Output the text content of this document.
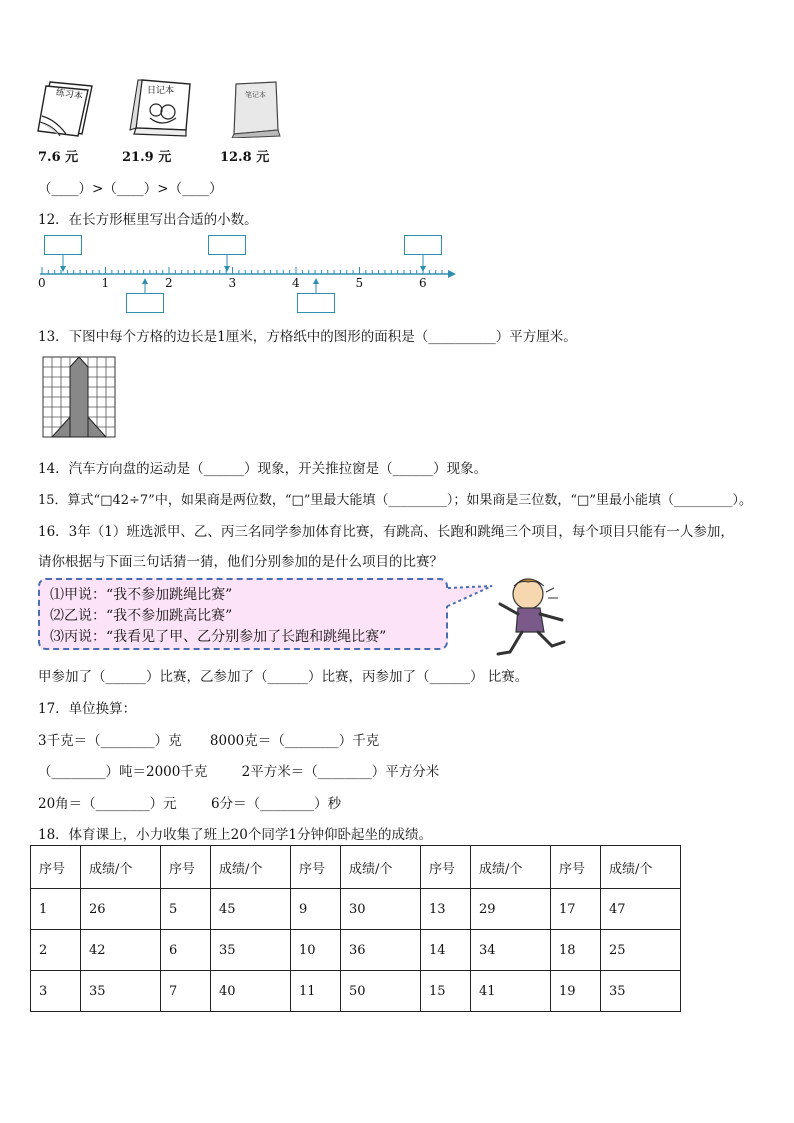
练习本	日记本	笔记本
7.6 元	21.9 元	12.8 元
（____）>（____）>（____）
12．在长方形框里写出合适的小数。
0	1	2	3	4	5	6
13．下图中每个方格的边长是1厘米，方格纸中的图形的面积是（__________）平方厘米。
14．汽车方向盘的运动是（______）现象，开关推拉窗是（______）现象。
15．算式“□42÷7”中，如果商是两位数，“□”里最大能填（_________）；如果商是三位数，“□”里最小能填（_________）。
16．3年（1）班选派甲、乙、丙三名同学参加体育比赛，有跳高、长跑和跳绳三个项目，每个项目只能有一人参加，
请你根据与下面三句话猜一猜，他们分别参加的是什么项目的比赛？
⑴甲说：“我不参加跳绳比赛”
⑵乙说：“我不参加跳高比赛”
⑶丙说：“我看见了甲、乙分别参加了长跑和跳绳比赛”
甲参加了（______）比赛，乙参加了（______）比赛，丙参加了（______） 比赛。
17．单位换算：
3千克＝（________）克 8000克＝（________）千克
（________）吨＝2000千克	2平方米＝（________）平方分米
20角＝（________）元	6分＝（________）秒
18．体育课上，小力收集了班上20个同学1分钟仰卧起坐的成绩。
序号	成绩/个	序号	成绩/个	序号	成绩/个	序号	成绩/个	序号	成绩/个
1	26	5	45	9	30	13	29	17	47
2	42	6	35	10	36	14	34	18	25
3	35	7	40	11	50	15	41	19	35
